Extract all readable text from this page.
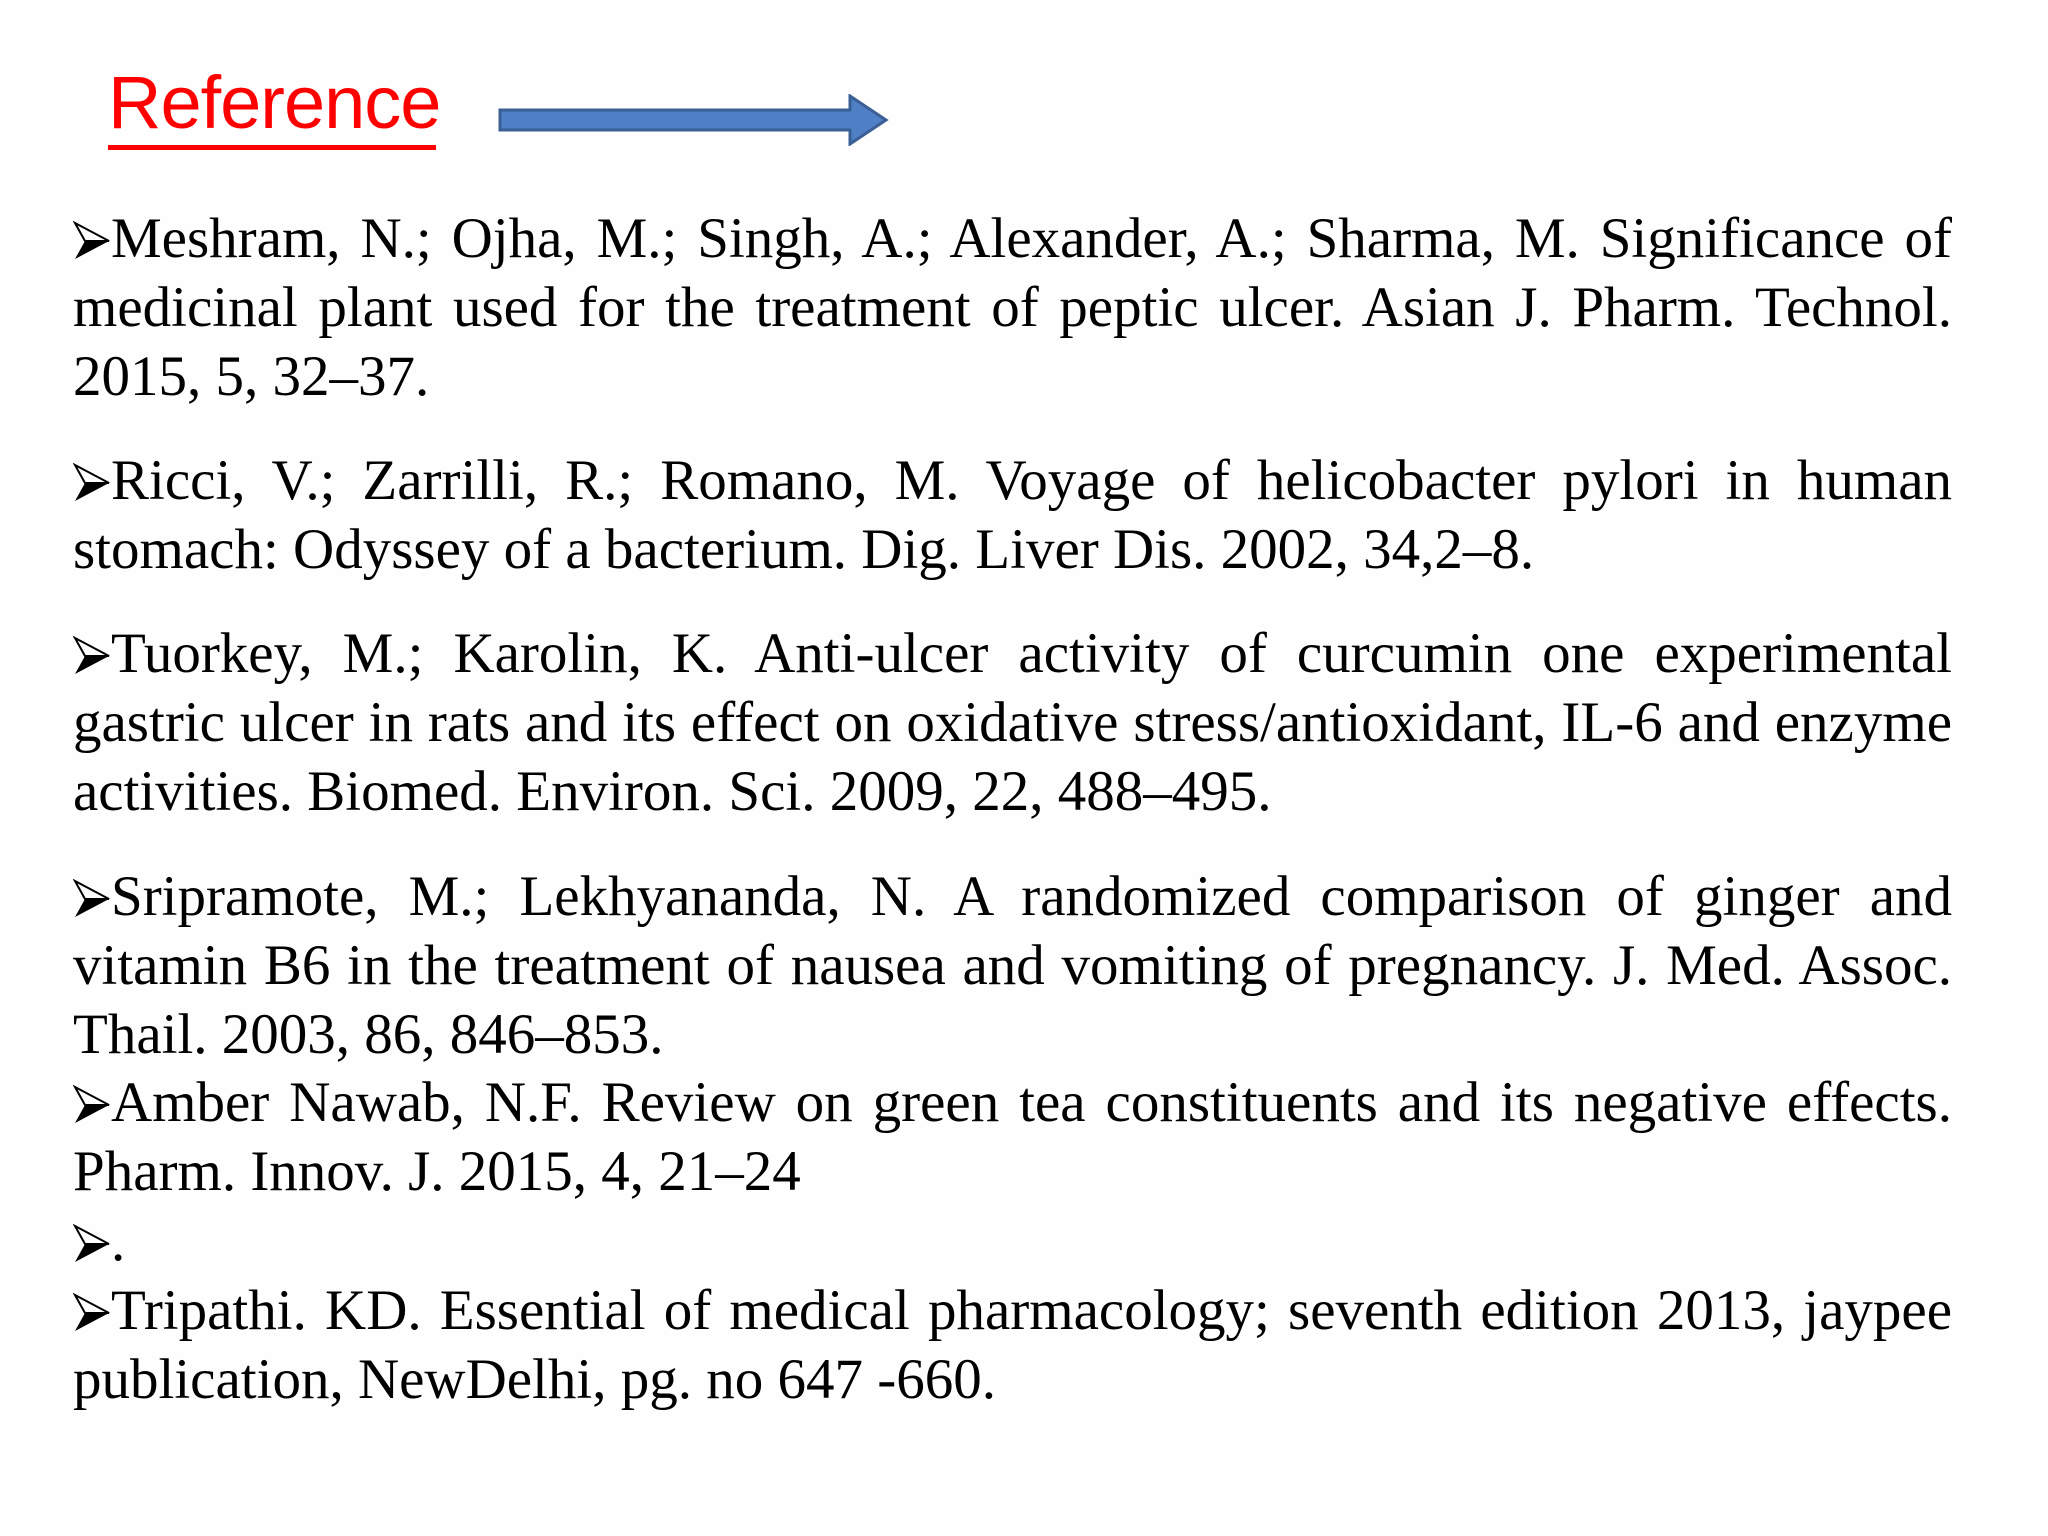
Reference

Meshram, N.; Ojha, M.; Singh, A.; Alexander, A.; Sharma, M. Significance of medicinal plant used for the treatment of peptic ulcer. Asian J. Pharm. Technol. 2015, 5, 32–37.

Ricci, V.; Zarrilli, R.; Romano, M. Voyage of helicobacter pylori in human stomach: Odyssey of a bacterium. Dig. Liver Dis. 2002, 34,2–8.

Tuorkey, M.; Karolin, K. Anti-ulcer activity of curcumin one experimental gastric ulcer in rats and its effect on oxidative stress/antioxidant, IL-6 and enzyme activities. Biomed. Environ. Sci. 2009, 22, 488–495.

Sripramote, M.; Lekhyananda, N. A randomized comparison of ginger and vitamin B6 in the treatment of nausea and vomiting of pregnancy. J. Med. Assoc. Thail. 2003, 86, 846–853.

Amber Nawab, N.F. Review on green tea constituents and its negative effects. Pharm. Innov. J. 2015, 4, 21–24

.

Tripathi. KD. Essential of medical pharmacology; seventh edition 2013, jaypee publication, NewDelhi, pg. no 647 -660.
